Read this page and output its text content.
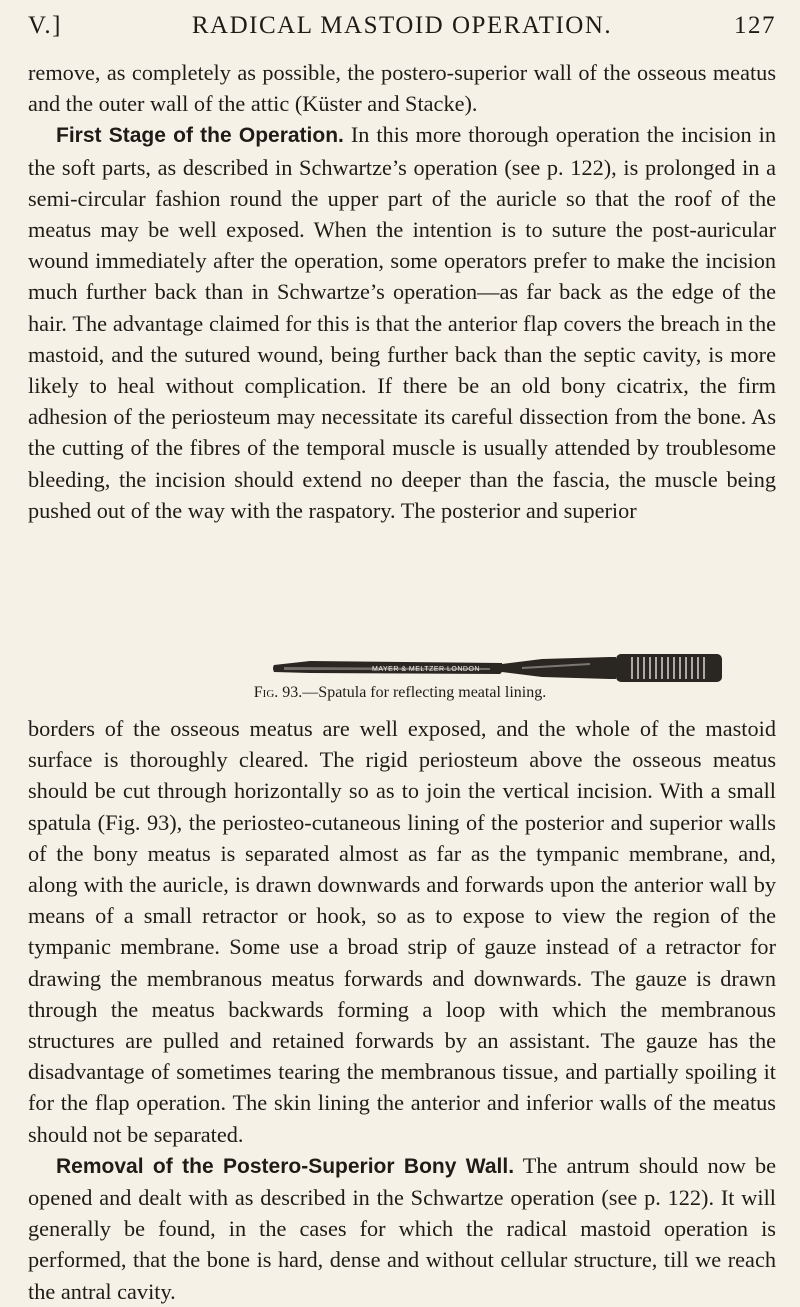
V.]	RADICAL MASTOID OPERATION.	127

remove, as completely as possible, the postero-superior wall of the osseous meatus and the outer wall of the attic (Küster and Stacke).

First Stage of the Operation. In this more thorough operation the incision in the soft parts, as described in Schwartze’s operation (see p. 122), is prolonged in a semi-circular fashion round the upper part of the auricle so that the roof of the meatus may be well exposed. When the intention is to suture the post-auricular wound immediately after the operation, some operators prefer to make the incision much further back than in Schwartze’s operation—as far back as the edge of the hair. The advantage claimed for this is that the anterior flap covers the breach in the mastoid, and the sutured wound, being further back than the septic cavity, is more likely to heal without complication. If there be an old bony cicatrix, the firm adhesion of the periosteum may necessitate its careful dissection from the bone. As the cutting of the fibres of the temporal muscle is usually attended by troublesome bleeding, the incision should extend no deeper than the fascia, the muscle being pushed out of the way with the raspatory. The posterior and superior

MAYER & MELTZER LONDON
Fig. 93.—Spatula for reflecting meatal lining.

borders of the osseous meatus are well exposed, and the whole of the mastoid surface is thoroughly cleared. The rigid periosteum above the osseous meatus should be cut through horizontally so as to join the vertical incision. With a small spatula (Fig. 93), the periosteo-cutaneous lining of the posterior and superior walls of the bony meatus is separated almost as far as the tympanic membrane, and, along with the auricle, is drawn downwards and forwards upon the anterior wall by means of a small retractor or hook, so as to expose to view the region of the tympanic membrane. Some use a broad strip of gauze instead of a retractor for drawing the membranous meatus forwards and downwards. The gauze is drawn through the meatus backwards forming a loop with which the membranous structures are pulled and retained forwards by an assistant. The gauze has the disadvantage of sometimes tearing the membranous tissue, and partially spoiling it for the flap operation. The skin lining the anterior and inferior walls of the meatus should not be separated.

Removal of the Postero-Superior Bony Wall. The antrum should now be opened and dealt with as described in the Schwartze operation (see p. 122). It will generally be found, in the cases for which the radical mastoid operation is performed, that the bone is hard, dense and without cellular structure, till we reach the antral cavity.
